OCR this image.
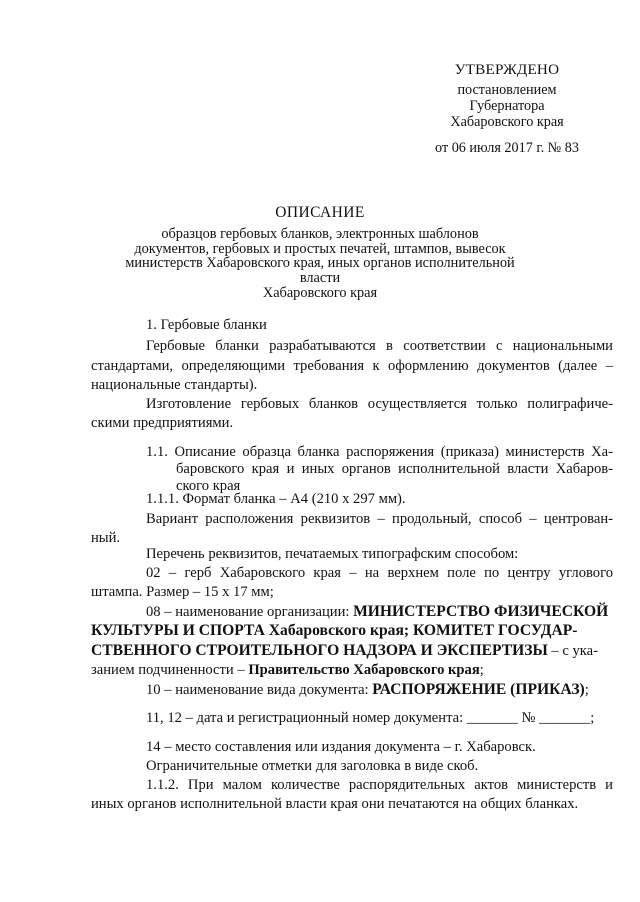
УТВЕРЖДЕНО
постановлением
Губернатора
Хабаровского края
от 06 июля 2017 г. № 83
ОПИСАНИЕ
образцов гербовых бланков, электронных шаблонов
документов, гербовых и простых печатей, штампов, вывесок
министерств Хабаровского края, иных органов исполнительной власти
Хабаровского края
1. Гербовые бланки
Гербовые бланки разрабатываются в соответствии с национальными
стандартами, определяющими требования к оформлению документов (далее –
национальные стандарты).
Изготовление гербовых бланков осуществляется только полиграфиче-
скими предприятиями.
1.1. Описание образца бланка распоряжения (приказа) министерств Ха-
баровского края и иных органов исполнительной власти Хабаров-
ского края
1.1.1. Формат бланка – А4 (210 х 297 мм).
Вариант расположения реквизитов – продольный, способ – центрован-
ный.
Перечень реквизитов, печатаемых типографским способом:
02 – герб Хабаровского края – на верхнем поле по центру углового
штампа. Размер – 15 х 17 мм;
08 – наименование организации: МИНИСТЕРСТВО ФИЗИЧЕСКОЙ
КУЛЬТУРЫ И СПОРТА Хабаровского края; КОМИТЕТ ГОСУДАР-
СТВЕННОГО СТРОИТЕЛЬНОГО НАДЗОРА И ЭКСПЕРТИЗЫ – с ука-
занием подчиненности – Правительство Хабаровского края;
10 – наименование вида документа: РАСПОРЯЖЕНИЕ (ПРИКАЗ);
11, 12 – дата и регистрационный номер документа: _______ № _______;
14 – место составления или издания документа – г. Хабаровск.
Ограничительные отметки для заголовка в виде скоб.
1.1.2. При малом количестве распорядительных актов министерств и
иных органов исполнительной власти края они печатаются на общих бланках.
